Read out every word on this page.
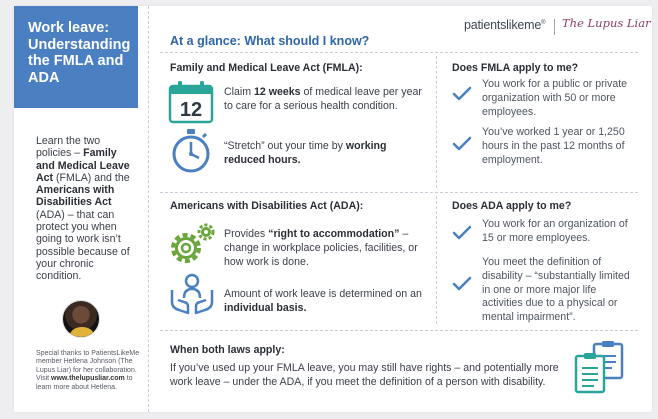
Work leave: Understanding the FMLA and ADA

Learn the two policies – Family and Medical Leave Act (FMLA) and the Americans with Disabilities Act (ADA) – that can protect you when going to work isn’t possible because of your chronic condition.

Special thanks to PatientsLikeMe member Hetlena Johnson (The Lupus Liar) for her collaboration. Visit www.thelupusliar.com to learn more about Hetlena.

At a glance: What should I know?
patientslikeme® The Lupus Liar
Family and Medical Leave Act (FMLA):
12

Claim 12 weeks of medical leave per year to care for a serious health condition.

“Stretch” out your time by working reduced hours.

Does FMLA apply to me?

You work for a public or private organization with 50 or more employees.

You’ve worked 1 year or 1,250 hours in the past 12 months of employment.

Americans with Disabilities Act (ADA):

Provides “right to accommodation” – change in workplace policies, facilities, or how work is done.

Amount of work leave is determined on an individual basis.

Does ADA apply to me?

You work for an organization of 15 or more employees.

You meet the definition of disability – “substantially limited in one or more major life activities due to a physical or mental impairment”.

When both laws apply:

If you’ve used up your FMLA leave, you may still have rights – and potentially more work leave – under the ADA, if you meet the definition of a person with disability.
